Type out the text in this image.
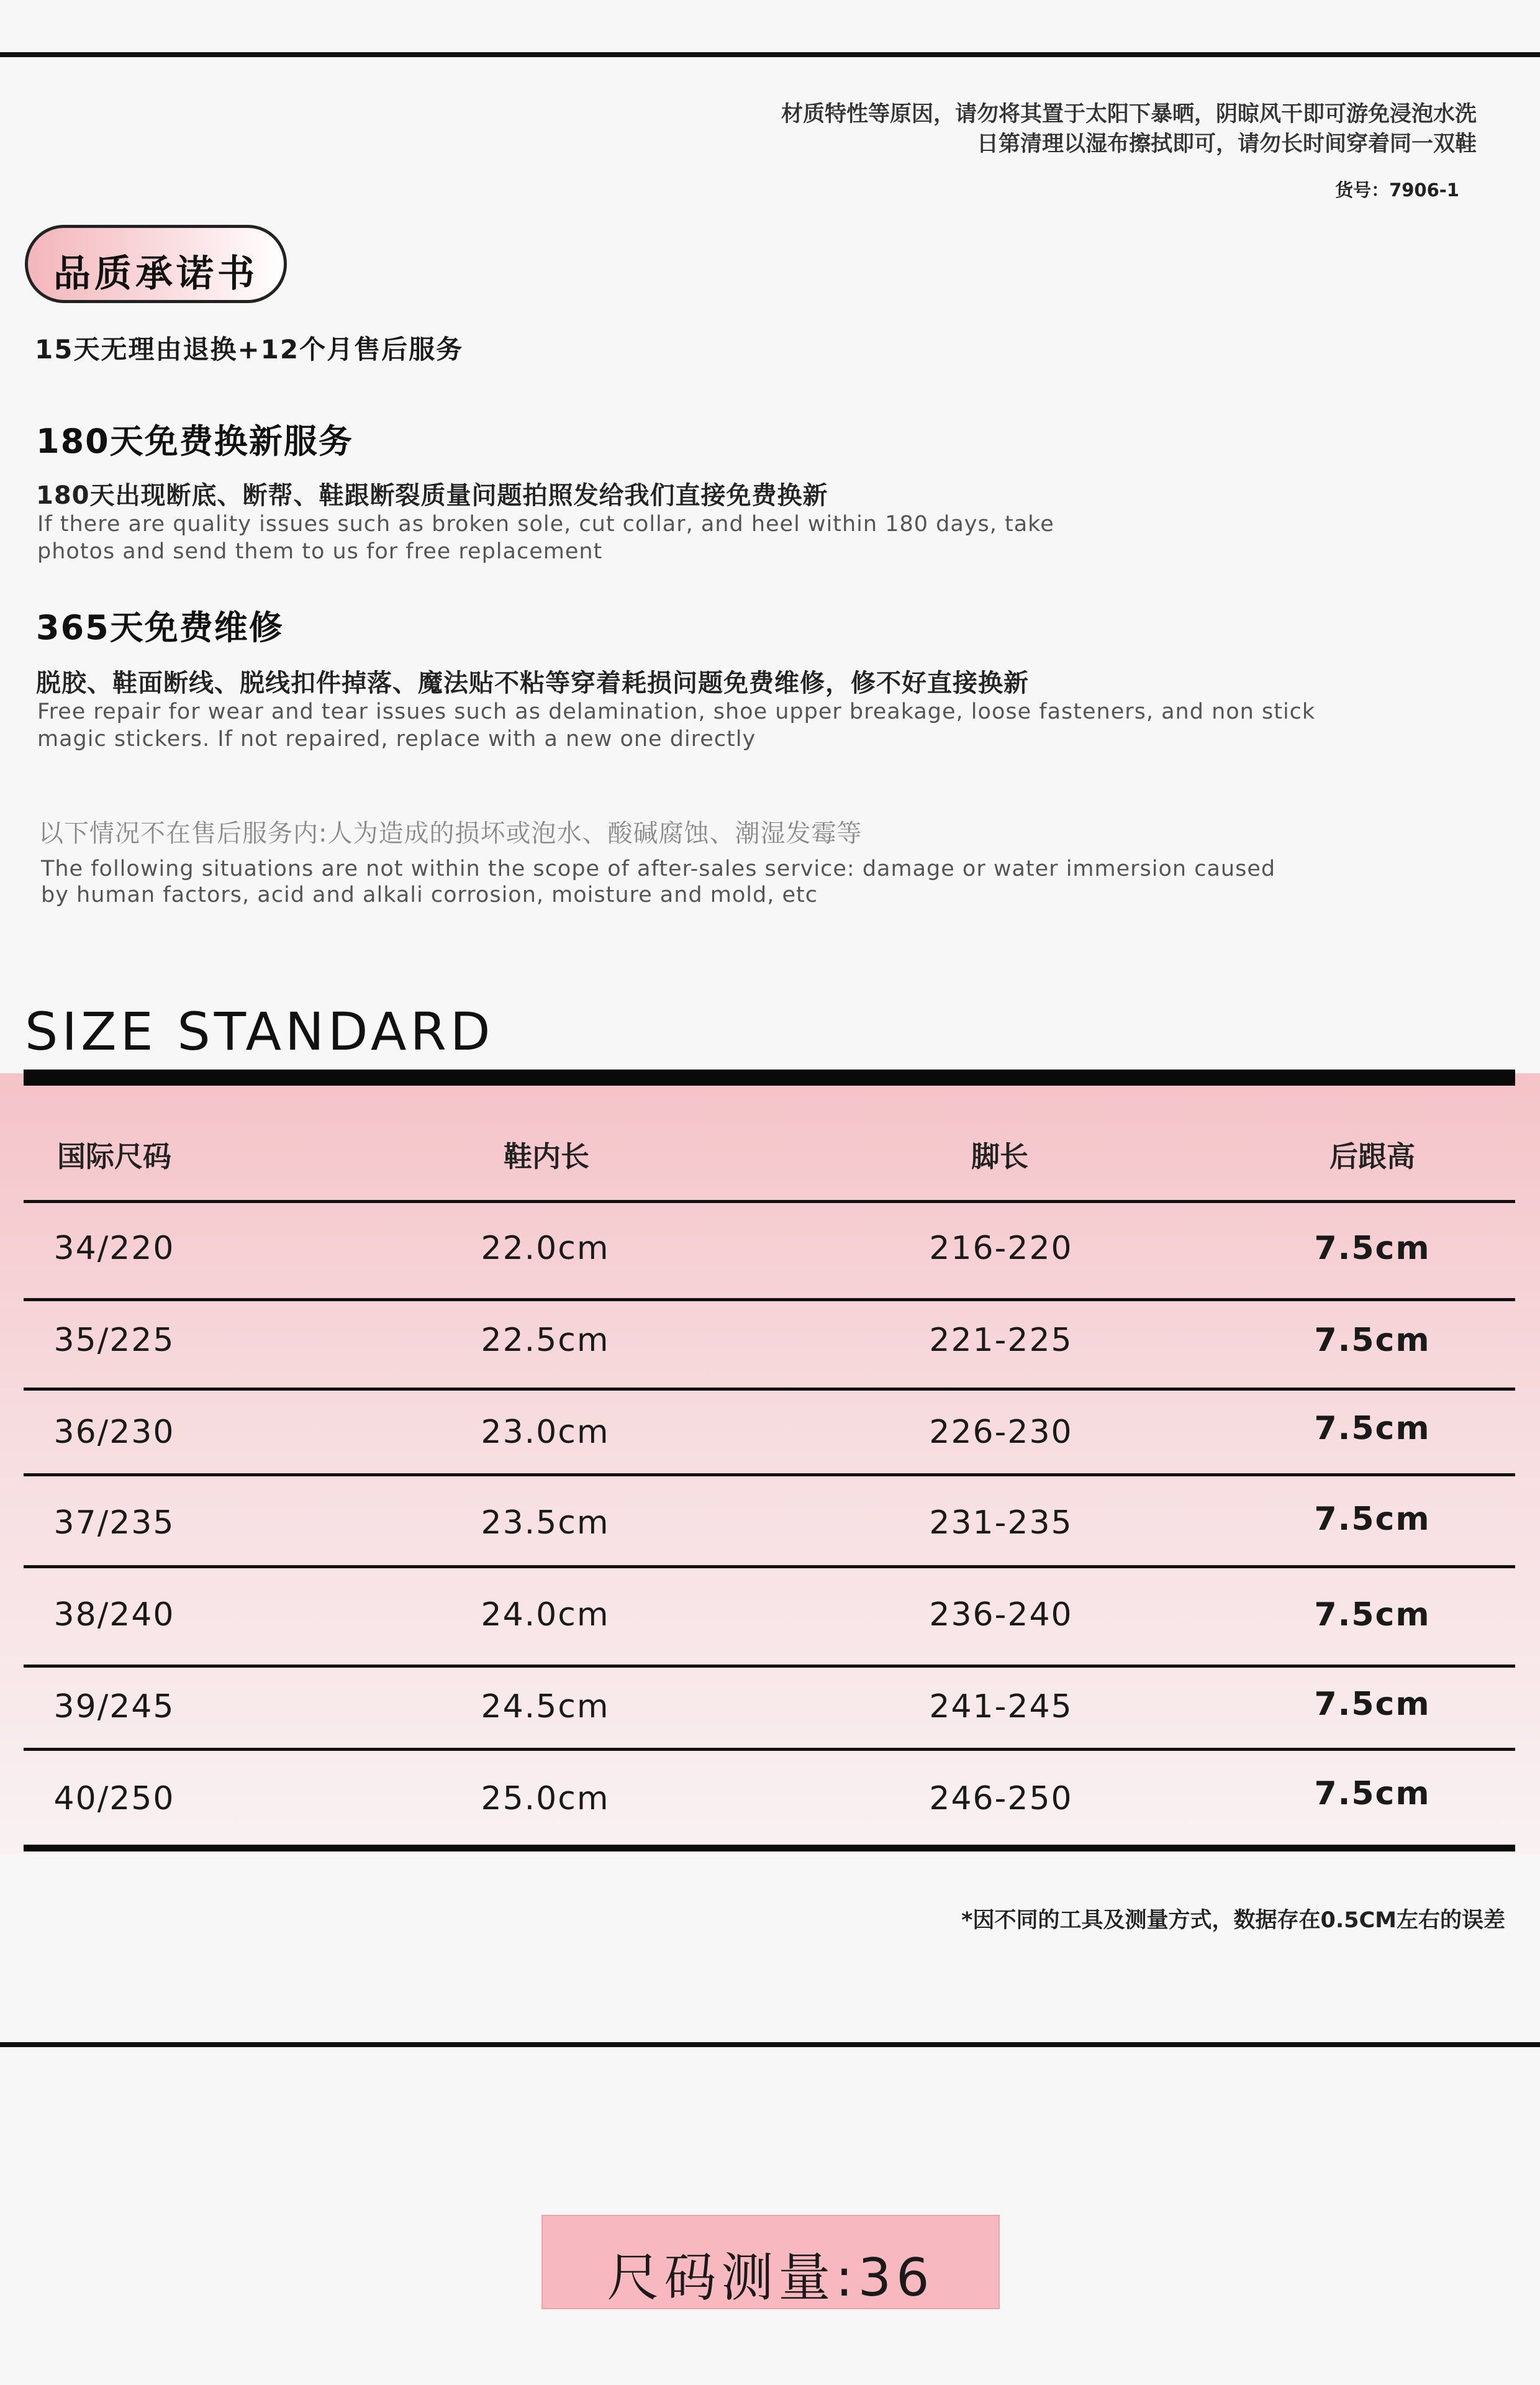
材质特性等原因，请勿将其置于太阳下暴晒，阴晾风干即可游免浸泡水洗
日第清理以湿布擦拭即可，请勿长时间穿着同一双鞋
货号：7906-1
品质承诺书
15天无理由退换+12个月售后服务
180天免费换新服务
180天出现断底、断帮、鞋跟断裂质量问题拍照发给我们直接免费换新
If there are quality issues such as broken sole, cut collar, and heel within 180 days, take photos and send them to us for free replacement
365天免费维修
脱胶、鞋面断线、脱线扣件掉落、魔法贴不粘等穿着耗损问题免费维修，修不好直接换新
Free repair for wear and tear issues such as delamination, shoe upper breakage, loose fasteners, and non stick magic stickers. If not repaired, replace with a new one directly
以下情况不在售后服务内:人为造成的损坏或泡水、酸碱腐蚀、潮湿发霉等
The following situations are not within the scope of after-sales service: damage or water immersion caused by human factors, acid and alkali corrosion, moisture and mold, etc
SIZE STANDARD
国际尺码	鞋内长	脚长	后跟高
34/220	22.0cm	216-220	7.5cm
35/225	22.5cm	221-225	7.5cm
36/230	23.0cm	226-230	7.5cm
37/235	23.5cm	231-235	7.5cm
38/240	24.0cm	236-240	7.5cm
39/245	24.5cm	241-245	7.5cm
40/250	25.0cm	246-250	7.5cm
*因不同的工具及测量方式，数据存在0.5CM左右的误差
尺码测量:36
